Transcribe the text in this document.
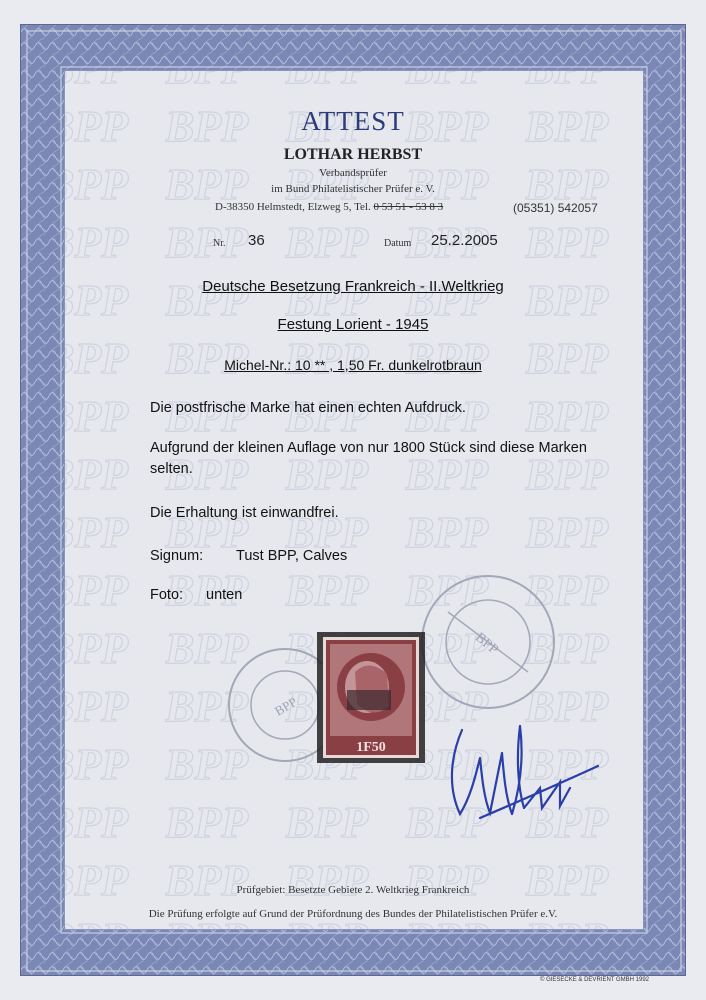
ATTEST
LOTHAR HERBST
Verbandsprüfer
im Bund Philatelistischer Prüfer e. V.
D-38350 Helmstedt, Elzweg 5, Tel. 0 53 51 - 53 8 3	(05351) 542057
Nr. 36	Datum 25.2.2005
Deutsche Besetzung Frankreich - II.Weltkrieg
Festung Lorient - 1945
Michel-Nr.: 10 ** , 1,50 Fr. dunkelrotbraun
Die postfrische Marke hat einen echten Aufdruck.
Aufgrund der kleinen Auflage von nur 1800 Stück sind diese Marken
selten.
Die Erhaltung ist einwandfrei.
Signum: Tust BPP, Calves
Foto: unten
BPP
BPP
1F50
Prüfgebiet: Besetzte Gebiete 2. Weltkrieg Frankreich
Die Prüfung erfolgte auf Grund der Prüfordnung des Bundes der Philatelistischen Prüfer e.V.
© GIESECKE & DEVRIENT GMBH 1992
